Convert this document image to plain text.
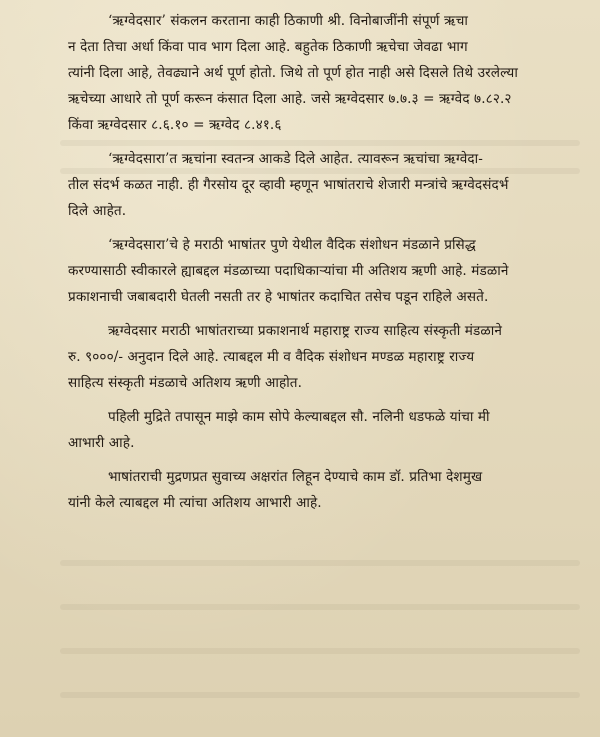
‘ऋग्वेदसार’ संकलन करताना काही ठिकाणी श्री. विनोबाजींनी संपूर्ण ऋचा
न देता तिचा अर्धा किंवा पाव भाग दिला आहे. बहुतेक ठिकाणी ऋचेचा जेवढा भाग
त्यांनी दिला आहे, तेवढ्याने अर्थ पूर्ण होतो. जिथे तो पूर्ण होत नाही असे दिसले तिथे उरलेल्या
ऋचेच्या आधारे तो पूर्ण करून कंसात दिला आहे. जसे ऋग्वेदसार ७.७.३ = ऋग्वेद ७.८२.२
किंवा ऋग्वेदसार ८.६.१० = ऋग्वेद ८.४१.६
‘ऋग्वेदसारा’त ऋचांना स्वतन्त्र आकडे दिले आहेत. त्यावरून ऋचांचा ऋग्वेदा-
तील संदर्भ कळत नाही. ही गैरसोय दूर व्हावी म्हणून भाषांतराचे शेजारी मन्त्रांचे ऋग्वेदसंदर्भ
दिले आहेत.
‘ऋग्वेदसारा’चे हे मराठी भाषांतर पुणे येथील वैदिक संशोधन मंडळाने प्रसिद्ध
करण्यासाठी स्वीकारले ह्याबद्दल मंडळाच्या पदाधिकाऱ्यांचा मी अतिशय ऋणी आहे. मंडळाने
प्रकाशनाची जबाबदारी घेतली नसती तर हे भाषांतर कदाचित तसेच पडून राहिले असते.
ऋग्वेदसार मराठी भाषांतराच्या प्रकाशनार्थ महाराष्ट्र राज्य साहित्य संस्कृती मंडळाने
रु. ९०००/- अनुदान दिले आहे. त्याबद्दल मी व वैदिक संशोधन मण्डळ महाराष्ट्र राज्य
साहित्य संस्कृती मंडळाचे अतिशय ऋणी आहोत.
पहिली मुद्रिते तपासून माझे काम सोपे केल्याबद्दल सौ. नलिनी धडफळे यांचा मी
आभारी आहे.
भाषांतराची मुद्रणप्रत सुवाच्य अक्षरांत लिहून देण्याचे काम डॉ. प्रतिभा देशमुख
यांनी केले त्याबद्दल मी त्यांचा अतिशय आभारी आहे.
